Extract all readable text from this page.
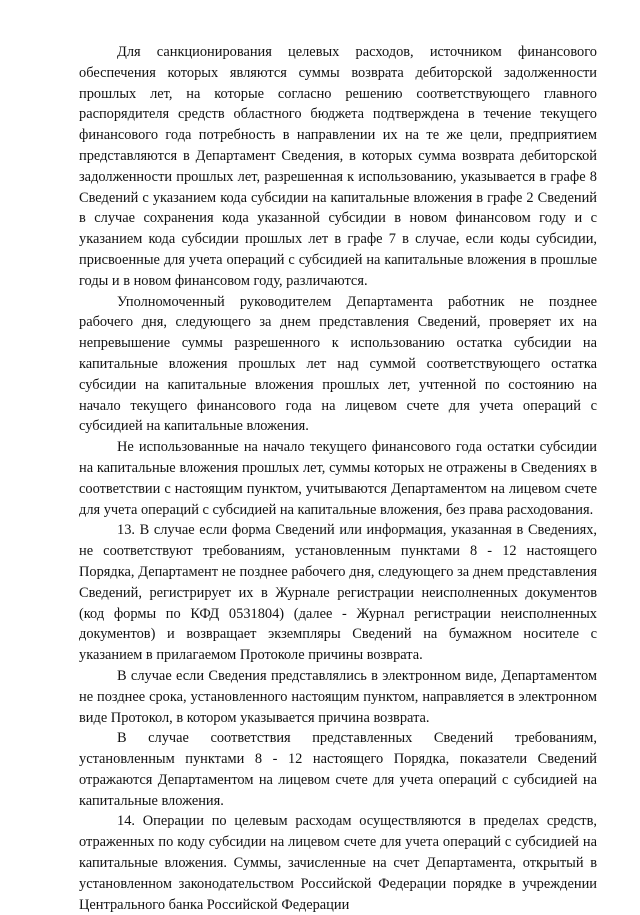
Для санкционирования целевых расходов, источником финансового обеспечения которых являются суммы возврата дебиторской задолженности прошлых лет, на которые согласно решению соответствующего главного распорядителя средств областного бюджета подтверждена в течение текущего финансового года потребность в направлении их на те же цели, предприятием представляются в Департамент Сведения, в которых сумма возврата дебиторской задолженности прошлых лет, разрешенная к использованию, указывается в графе 8 Сведений с указанием кода субсидии на капитальные вложения в графе 2 Сведений в случае сохранения кода указанной субсидии в новом финансовом году и с указанием кода субсидии прошлых лет в графе 7 в случае, если коды субсидии, присвоенные для учета операций с субсидией на капитальные вложения в прошлые годы и в новом финансовом году, различаются.

Уполномоченный руководителем Департамента работник не позднее рабочего дня, следующего за днем представления Сведений, проверяет их на непревышение суммы разрешенного к использованию остатка субсидии на капитальные вложения прошлых лет над суммой соответствующего остатка субсидии на капитальные вложения прошлых лет, учтенной по состоянию на начало текущего финансового года на лицевом счете для учета операций с субсидией на капитальные вложения.

Не использованные на начало текущего финансового года остатки субсидии на капитальные вложения прошлых лет, суммы которых не отражены в Сведениях в соответствии с настоящим пунктом, учитываются Департаментом на лицевом счете для учета операций с субсидией на капитальные вложения, без права расходования.

13. В случае если форма Сведений или информация, указанная в Сведениях, не соответствуют требованиям, установленным пунктами 8 - 12 настоящего Порядка, Департамент не позднее рабочего дня, следующего за днем представления Сведений, регистрирует их в Журнале регистрации неисполненных документов (код формы по КФД 0531804) (далее - Журнал регистрации неисполненных документов) и возвращает экземпляры Сведений на бумажном носителе с указанием в прилагаемом Протоколе причины возврата.

В случае если Сведения представлялись в электронном виде, Департаментом не позднее срока, установленного настоящим пунктом, направляется в электронном виде Протокол, в котором указывается причина возврата.

В случае соответствия представленных Сведений требованиям, установленным пунктами 8 - 12 настоящего Порядка, показатели Сведений отражаются Департаментом на лицевом счете для учета операций с субсидией на капитальные вложения.

14. Операции по целевым расходам осуществляются в пределах средств, отраженных по коду субсидии на лицевом счете для учета операций с субсидией на капитальные вложения. Суммы, зачисленные на счет Департамента, открытый в установленном законодательством Российской Федерации порядке в учреждении Центрального банка Российской Федерации
